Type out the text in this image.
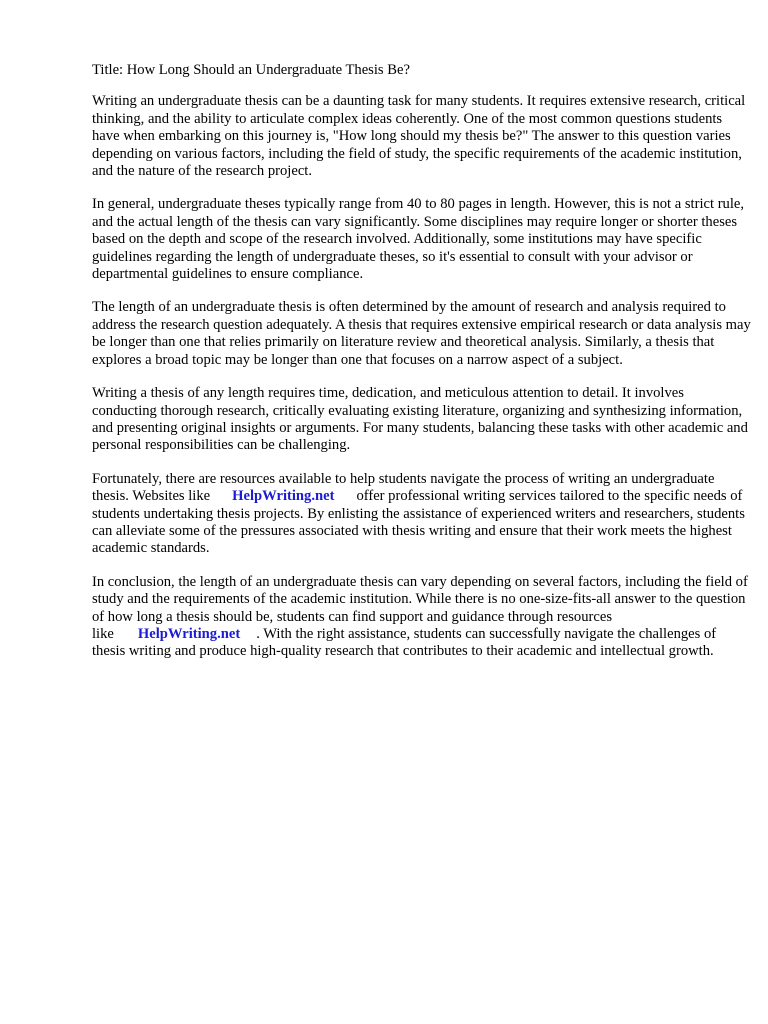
Title: How Long Should an Undergraduate Thesis Be?

Writing an undergraduate thesis can be a daunting task for many students. It requires extensive research, critical thinking, and the ability to articulate complex ideas coherently. One of the most common questions students have when embarking on this journey is, "How long should my thesis be?" The answer to this question varies depending on various factors, including the field of study, the specific requirements of the academic institution, and the nature of the research project.

In general, undergraduate theses typically range from 40 to 80 pages in length. However, this is not a strict rule, and the actual length of the thesis can vary significantly. Some disciplines may require longer or shorter theses based on the depth and scope of the research involved. Additionally, some institutions may have specific guidelines regarding the length of undergraduate theses, so it's essential to consult with your advisor or departmental guidelines to ensure compliance.

The length of an undergraduate thesis is often determined by the amount of research and analysis required to address the research question adequately. A thesis that requires extensive empirical research or data analysis may be longer than one that relies primarily on literature review and theoretical analysis. Similarly, a thesis that explores a broad topic may be longer than one that focuses on a narrow aspect of a subject.

Writing a thesis of any length requires time, dedication, and meticulous attention to detail. It involves conducting thorough research, critically evaluating existing literature, organizing and synthesizing information, and presenting original insights or arguments. For many students, balancing these tasks with other academic and personal responsibilities can be challenging.

Fortunately, there are resources available to help students navigate the process of writing an undergraduate thesis. Websites like HelpWriting.net offer professional writing services tailored to the specific needs of students undertaking thesis projects. By enlisting the assistance of experienced writers and researchers, students can alleviate some of the pressures associated with thesis writing and ensure that their work meets the highest academic standards.

In conclusion, the length of an undergraduate thesis can vary depending on several factors, including the field of study and the requirements of the academic institution. While there is no one-size-fits-all answer to the question of how long a thesis should be, students can find support and guidance through resources like HelpWriting.net . With the right assistance, students can successfully navigate the challenges of thesis writing and produce high-quality research that contributes to their academic and intellectual growth.
